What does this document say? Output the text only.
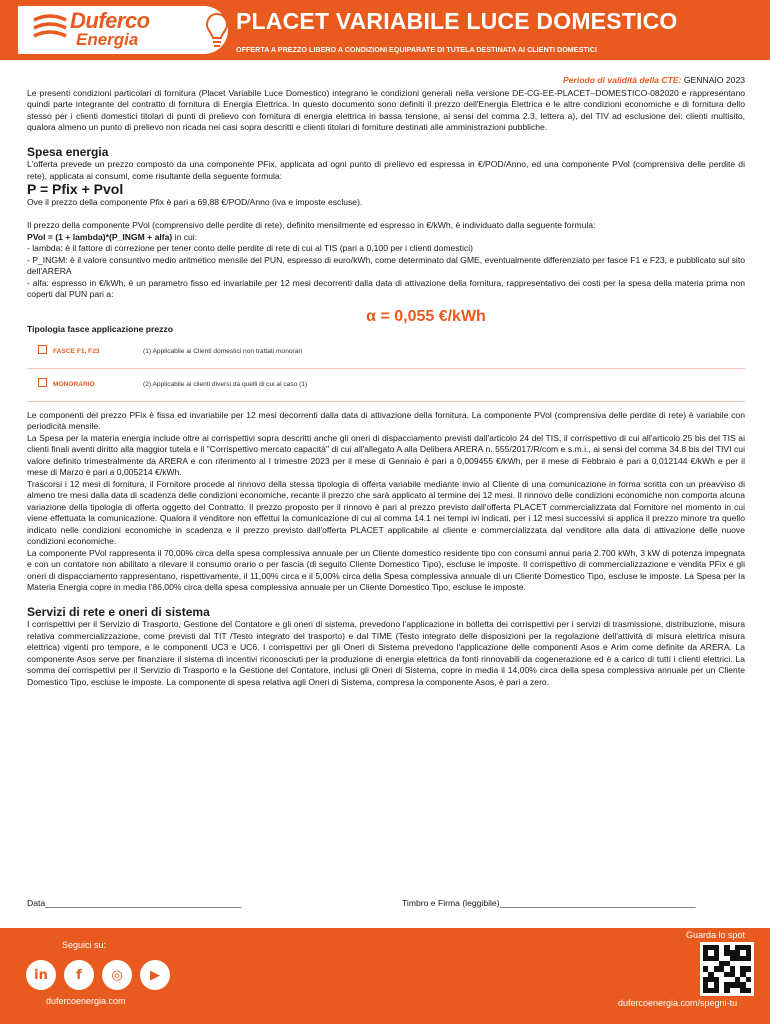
Duferco
Energia
PLACET VARIABILE LUCE DOMESTICO
OFFERTA A PREZZO LIBERO A CONDIZIONI EQUIPARATE DI TUTELA DESTINATA AI CLIENTI DOMESTICI
Periodo di validità della CTE: GENNAIO 2023

Le presenti condizioni particolari di fornitura (Placet Variabile Luce Domestico) integrano le condizioni generali nella versione DE-CG-EE-PLACET–DOMESTICO-082020 e rappresentano quindi parte integrante del contratto di fornitura di Energia Elettrica. In questo documento sono definiti il prezzo dell'Energia Elettrica e le altre condizioni economiche e di fornitura dello stesso per i clienti domestici titolari di punti di prelievo con fornitura di energia elettrica in bassa tensione, ai sensi del comma 2.3, lettera a), del TIV ad esclusione dei: clienti multisito, qualora almeno un punto di prelievo non ricada nei casi sopra descritti e clienti titolari di forniture destinati alle amministrazioni pubbliche.

Spesa energia

L'offerta prevede un prezzo composto da una componente PFix, applicata ad ogni punto di prelievo ed espressa in €/POD/Anno, ed una componente PVol (comprensiva delle perdite di rete), applicata ai consumi, come risultante della seguente formula:

P = Pfix + Pvol

Ove il prezzo della componente Pfix è pari a 69,88 €/POD/Anno (iva e imposte escluse).

Il prezzo della componente PVol (comprensivo delle perdite di rete), definito mensilmente ed espresso in €/kWh, è individuato dalla seguente formula:

PVol = (1 + lambda)*(P_INGM + alfa) in cui:

- lambda: è il fattore di correzione per tener conto delle perdite di rete di cui al TIS (pari a 0,100 per i clienti domestici)

- P_INGM: è il valore consuntivo medio aritmetico mensile del PUN, espresso di euro/kWh, come determinato dal GME, eventualmente differenziato per fasce F1 e F23, e pubblicato sul sito dell'ARERA

- alfa: espresso in €/kWh, è un parametro fisso ed invariabile per 12 mesi decorrenti dalla data di attivazione della fornitura, rappresentativo dei costi per la spesa della materia prima non coperti dal PUN pari a:

α = 0,055 €/kWh
Tipologia fasce applicazione prezzo
FASCE F1, F23	(1) Applicabile ai Clienti domestici non trattati monorari
MONORARIO	(2) Applicabile ai clienti diversi da quelli di cui al caso (1)

Le componenti del prezzo PFix è fissa ed invariabile per 12 mesi decorrenti dalla data di attivazione della fornitura. La componente PVol (comprensiva delle perdite di rete) è variabile con periodicità mensile.

La Spesa per la materia energia include oltre ai corrispettivi sopra descritti anche gli oneri di dispacciamento previsti dall'articolo 24 del TIS, il corrispettivo di cui all'articolo 25 bis del TIS ai clienti finali aventi diritto alla maggior tutela e il "Corrispettivo mercato capacità" di cui all'allegato A alla Delibera ARERA n. 555/2017/R/com e s.m.i., ai sensi del comma 34.8 bis del TIVI cui valore definito trimestralmente da ARERA e con riferimento al I trimestre 2023 per il mese di Gennaio è pari a 0,009455 €/kWh, per il mese di Febbraio è pari a 0,012144 €/kWh e per il mese di Marzo è pari a 0,005214 €/kWh.

Trascorsi i 12 mesi di fornitura, il Fornitore procede al rinnovo della stessa tipologia di offerta variabile mediante invio al Cliente di una comunicazione in forma scritta con un preavviso di almeno tre mesi dalla data di scadenza delle condizioni economiche, recante il prezzo che sarà applicato al termine dei 12 mesi. Il rinnovo delle condizioni economiche non comporta alcuna variazione della tipologia di offerta oggetto del Contratto. Il prezzo proposto per il rinnovo è pari al prezzo previsto dall'offerta PLACET commercializzata dal Fornitore nel momento in cui viene effettuata la comunicazione. Qualora il venditore non effettui la comunicazione di cui al comma 14.1 nei tempi ivi indicati, per i 12 mesi successivi si applica il prezzo minore tra quello indicato nelle condizioni economiche in scadenza e il prezzo previsto dall'offerta PLACET applicabile al cliente e commercializzata dal venditore alla data di attivazione delle nuove condizioni economiche.

La componente PVol rappresenta il 70,00% circa della spesa complessiva annuale per un Cliente domestico residente tipo con consumi annui paria 2.700 kWh, 3 kW di potenza impegnata e con un contatore non abilitato a rilevare il consumo orario o per fascia (di seguito Cliente Domestico Tipo), escluse le imposte. Il corrispettivo di commercializzazione e vendita PFix e gli oneri di dispacciamento rappresentano, rispettivamente, il 11,00% circa e il 5,00% circa della Spesa complessiva annuale di un Cliente Domestico Tipo, escluse le imposte. La Spesa per la Materia Energia copre in media l'86,00% circa della spesa complessiva annuale per un Cliente Domestico Tipo, escluse le imposte.

Servizi di rete e oneri di sistema

I corrispettivi per il Servizio di Trasporto, Gestione del Contatore e gli oneri di sistema, prevedono l'applicazione in bolletta dei corrispettivi per i servizi di trasmissione, distribuzione, misura relativa commercializzazione, come previsti dal TIT /Testo integrato del trasporto) e dal TIME (Testo integrato delle disposizioni per la regolazione dell'attività di misura elettrica misura elettrica) vigenti pro tempore, e le componenti UC3 e UC6. I corrispettivi per gli Oneri di Sistema prevedono l'applicazione delle componenti Asos e Arim come definite da ARERA. La componente Asos serve per finanziare il sistema di incentivi riconosciuti per la produzione di energia elettrica da fonti rinnovabili da cogenerazione ed è a carico di tutti i clienti elettrici. La somma dei corrispettivi per il Servizio di Trasporto e la Gestione del Contatore, inclusi gli Oneri di Sistema, copre in media il 14,00% circa della spesa complessiva annuale per un Cliente Domestico Tipo, escluse le imposte. La componente di spesa relativa agli Oneri di Sistema, compresa la componente Asos, è pari a zero.

Data_________________________________________	Timbro e Firma (leggibile)_________________________________________
Seguici su:
in	f	◎	▶
dufercoenergia.com
Guarda lo spot
dufercoenergia.com/spegni-tu
